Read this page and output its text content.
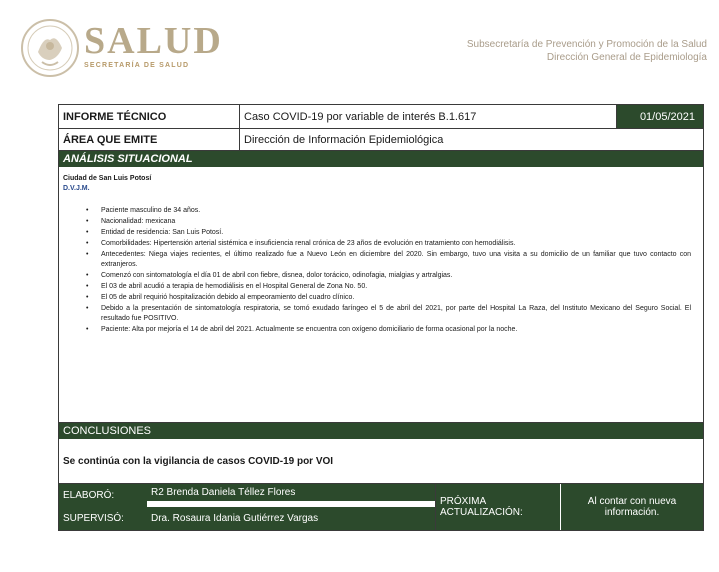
SALUD
SECRETARÍA DE SALUD
Subsecretaría de Prevención y Promoción de la Salud
Dirección General de Epidemiología
INFORME TÉCNICO	Caso COVID-19 por variable de interés B.1.617	01/05/2021
ÁREA QUE EMITE	Dirección de Información Epidemiológica
ANÁLISIS SITUACIONAL
Ciudad de San Luis Potosí
D.V.J.M.
• Paciente masculino de 34 años.
• Nacionalidad: mexicana
• Entidad de residencia: San Luis Potosí.
• Comorbilidades: Hipertensión arterial sistémica e insuficiencia renal crónica de 23 años de evolución en tratamiento con hemodiálisis.
• Antecedentes: Niega viajes recientes, el último realizado fue a Nuevo León en diciembre del 2020. Sin embargo, tuvo una visita a su domicilio de un familiar que tuvo contacto con extranjeros.
• Comenzó con sintomatología el día 01 de abril con fiebre, disnea, dolor torácico, odinofagia, mialgias y artralgias.
• El 03 de abril acudió a terapia de hemodiálisis en el Hospital General de Zona No. 50.
• El 05 de abril requirió hospitalización debido al empeoramiento del cuadro clínico.
• Debido a la presentación de sintomatología respiratoria, se tomó exudado faríngeo el 5 de abril del 2021, por parte del Hospital La Raza, del Instituto Mexicano del Seguro Social. El resultado fue POSITIVO.
• Paciente: Alta por mejoría el 14 de abril del 2021. Actualmente se encuentra con oxígeno domiciliario de forma ocasional por la noche.
CONCLUSIONES
Se continúa con la vigilancia de casos COVID-19 por VOI
ELABORÓ:	R2 Brenda Daniela Téllez Flores
SUPERVISÓ:	Dra. Rosaura Idania Gutiérrez Vargas
PRÓXIMA ACTUALIZACIÓN:
Al contar con nueva información.
